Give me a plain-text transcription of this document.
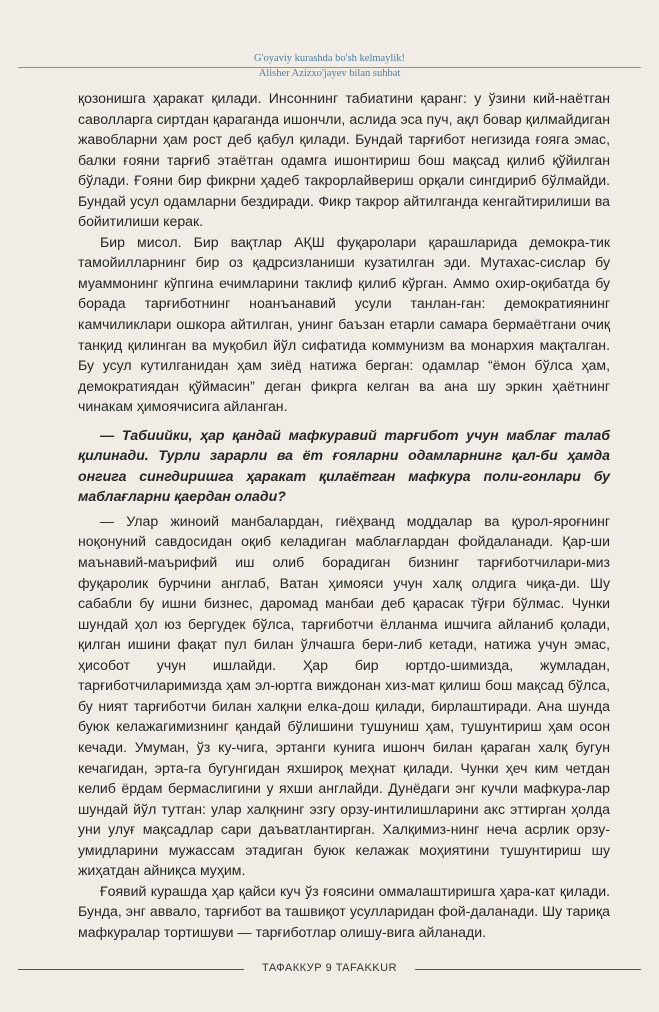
G'oyaviy kurashda bo'sh kelmaylik!
Alisher Azizxo'jayev bilan suhbat

қозонишга ҳаракат қилади. Инсоннинг табиатини қаранг: у ўзини кий-наётган саволларга сиртдан қараганда ишончли, аслида эса пуч, ақл бовар қилмайдиган жавобларни ҳам рост деб қабул қилади. Бундай тарғибот негизида ғояга эмас, балки ғояни тарғиб этаётган одамга ишонтириш бош мақсад қилиб қўйилган бўлади. Ғояни бир фикрни ҳадеб такрорлайвериш орқали сингдириб бўлмайди. Бундай усул одамларни бездиради. Фикр такрор айтилганда кенгайтирилиши ва бойитилиши керак.

Бир мисол. Бир вақтлар АҚШ фуқаролари қарашларида демокра-тик тамойилларнинг бир оз қадрсизланиши кузатилган эди. Мутахас-сислар бу муаммонинг кўпгина ечимларини таклиф қилиб кўрган. Аммо охир-оқибатда бу борада тарғиботнинг ноанъанавий усули танлан-ган: демократиянинг камчиликлари ошкора айтилган, унинг баъзан етарли самара бермаётгани очиқ танқид қилинган ва муқобил йўл сифатида коммунизм ва монархия мақталган. Бу усул кутилганидан ҳам зиёд натижа берган: одамлар “ёмон бўлса ҳам, демократиядан қўймасин” деган фикрга келган ва ана шу эркин ҳаётнинг чинакам ҳимоячисига айланган.

— Табиийки, ҳар қандай мафкуравий тарғибот учун маблағ талаб қилинади. Турли зарарли ва ёт ғояларни одамларнинг қал-би ҳамда онгига сингдиришга ҳаракат қилаётган мафкура поли-гонлари бу маблағларни қаердан олади?

— Улар жиноий манбалардан, гиёҳванд моддалар ва қурол-яроғнинг ноқонуний савдосидан оқиб келадиган маблағлардан фойдаланади. Қар-ши маънавий-маърифий иш олиб борадиган бизнинг тарғиботчилари-миз фуқаролик бурчини англаб, Ватан ҳимояси учун халқ олдига чиқа-ди. Шу сабабли бу ишни бизнес, даромад манбаи деб қарасак тўғри бўлмас. Чунки шундай ҳол юз бергудек бўлса, тарғиботчи ёлланма ишчига айланиб қолади, қилган ишини фақат пул билан ўлчашга бери-либ кетади, натижа учун эмас, ҳисобот учун ишлайди. Ҳар бир юртдо-шимизда, жумладан, тарғиботчиларимизда ҳам эл-юртга виждонан хиз-мат қилиш бош мақсад бўлса, бу ният тарғиботчи билан халқни елка-дош қилади, бирлаштиради. Ана шунда буюк келажагимизнинг қандай бўлишини тушуниш ҳам, тушунтириш ҳам осон кечади. Умуман, ўз ку-чига, эртанги кунига ишонч билан қараган халқ бугун кечагидан, эрта-га бугунгидан яхшироқ меҳнат қилади. Чунки ҳеч ким четдан келиб ёрдам бермаслигини у яхши англайди. Дунёдаги энг кучли мафкура-лар шундай йўл тутган: улар халқнинг эзгу орзу-интилишларини акс эттирган ҳолда уни улуғ мақсадлар сари даъватлантирган. Халқимиз-нинг неча асрлик орзу-умидларини мужассам этадиган буюк келажак моҳиятини тушунтириш шу жиҳатдан айниқса муҳим.

Ғоявий курашда ҳар қайси куч ўз ғоясини оммалаштиришга ҳара-кат қилади. Бунда, энг аввало, тарғибот ва ташвиқот усулларидан фой-даланади. Шу тариқа мафкуралар тортишуви — тарғиботлар олишу-вига айланади.

ТАФАККУР 9 TAFAKKUR
